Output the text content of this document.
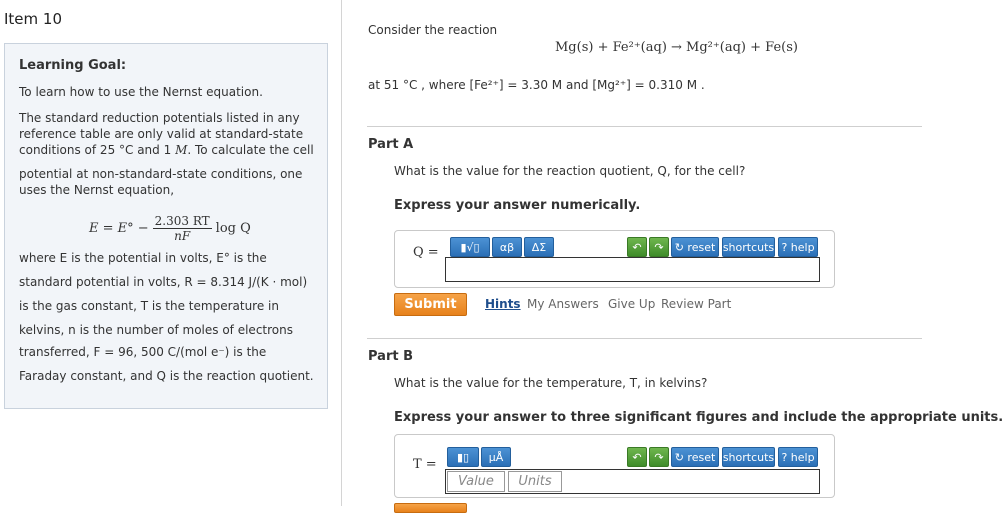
Item 10
Learning Goal:
To learn how to use the Nernst equation.
The standard reduction potentials listed in any reference table are only valid at standard-state conditions of 25 °C and 1 M. To calculate the cell
potential at non-standard-state conditions, one uses the Nernst equation,
$E = E^\circ - \frac{2.303 RT}{nF}$ log Q
where E is the potential in volts, E° is the
standard potential in volts, R = 8.314 J/(K · mol)
is the gas constant, T is the temperature in
kelvins, n is the number of moles of electrons
transferred, F = 96, 500 C/(mol e⁻) is the
Faraday constant, and Q is the reaction quotient.
Consider the reaction
Mg(s) + Fe²⁺(aq) → Mg²⁺(aq) + Fe(s)
at 51 °C , where [Fe²⁺] = 3.30 M and [Mg²⁺] = 0.310 M .
Part A
What is the value for the reaction quotient, Q, for the cell?
Express your answer numerically.
Q =	▮√▯	αβ	ΔΣ	↶	↷	↻ reset shortcuts ? help
Submit	Hints My Answers Give Up Review Part
Part B
What is the value for the temperature, T, in kelvins?
Express your answer to three significant figures and include the appropriate units.
T =	▮▯	μÅ	↶	↷	↻ reset shortcuts ? help
Value	Units
